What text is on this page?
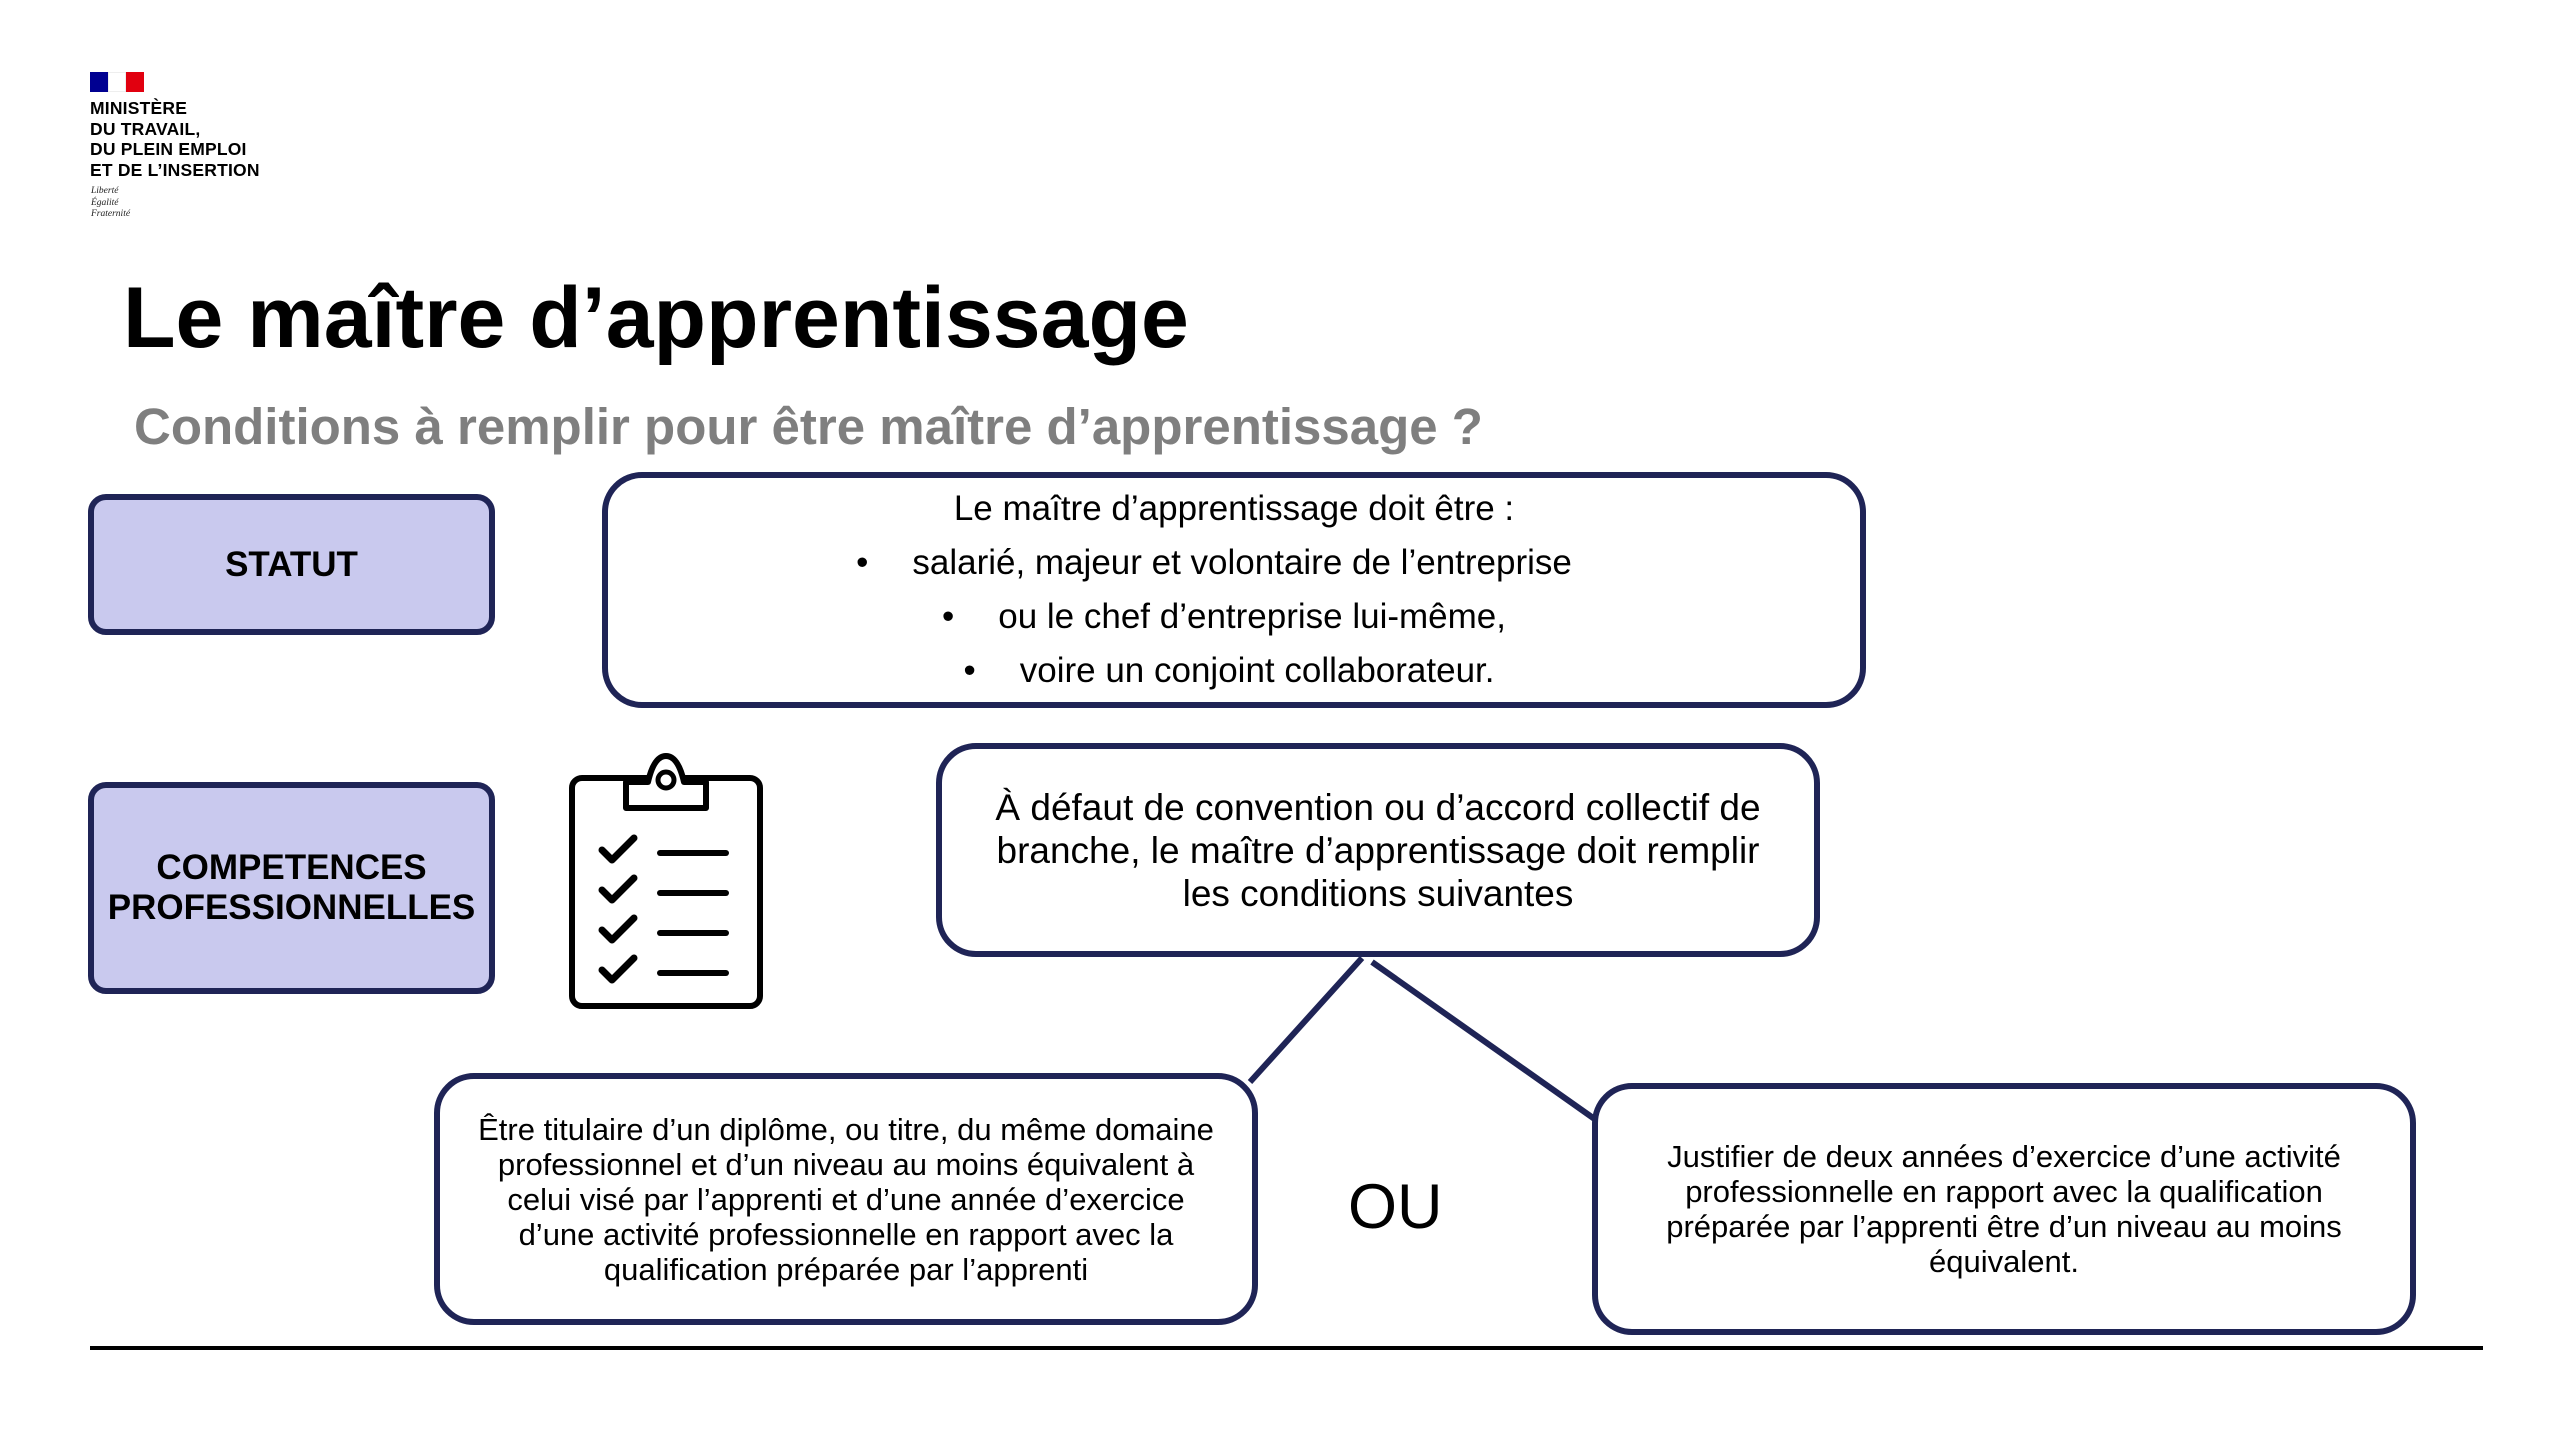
MINISTÈRE
DU TRAVAIL,
DU PLEIN EMPLOI
ET DE L’INSERTION
Liberté
Égalité
Fraternité
Le maître d’apprentissage
Conditions à remplir pour être maître d’apprentissage ?
STATUT
Le maître d’apprentissage doit être :
• salarié, majeur et volontaire de l’entreprise
• ou le chef d’entreprise lui-même,
• voire un conjoint collaborateur.
COMPETENCES
PROFESSIONNELLES
À défaut de convention ou d’accord collectif de
branche, le maître d’apprentissage doit remplir
les conditions suivantes
Être titulaire d’un diplôme, ou titre, du même domaine
professionnel et d’un niveau au moins équivalent à
celui visé par l’apprenti et d’une année d’exercice
d’une activité professionnelle en rapport avec la
qualification préparée par l’apprenti
OU
Justifier de deux années d’exercice d’une activité
professionnelle en rapport avec la qualification
préparée par l’apprenti être d’un niveau au moins
équivalent.
